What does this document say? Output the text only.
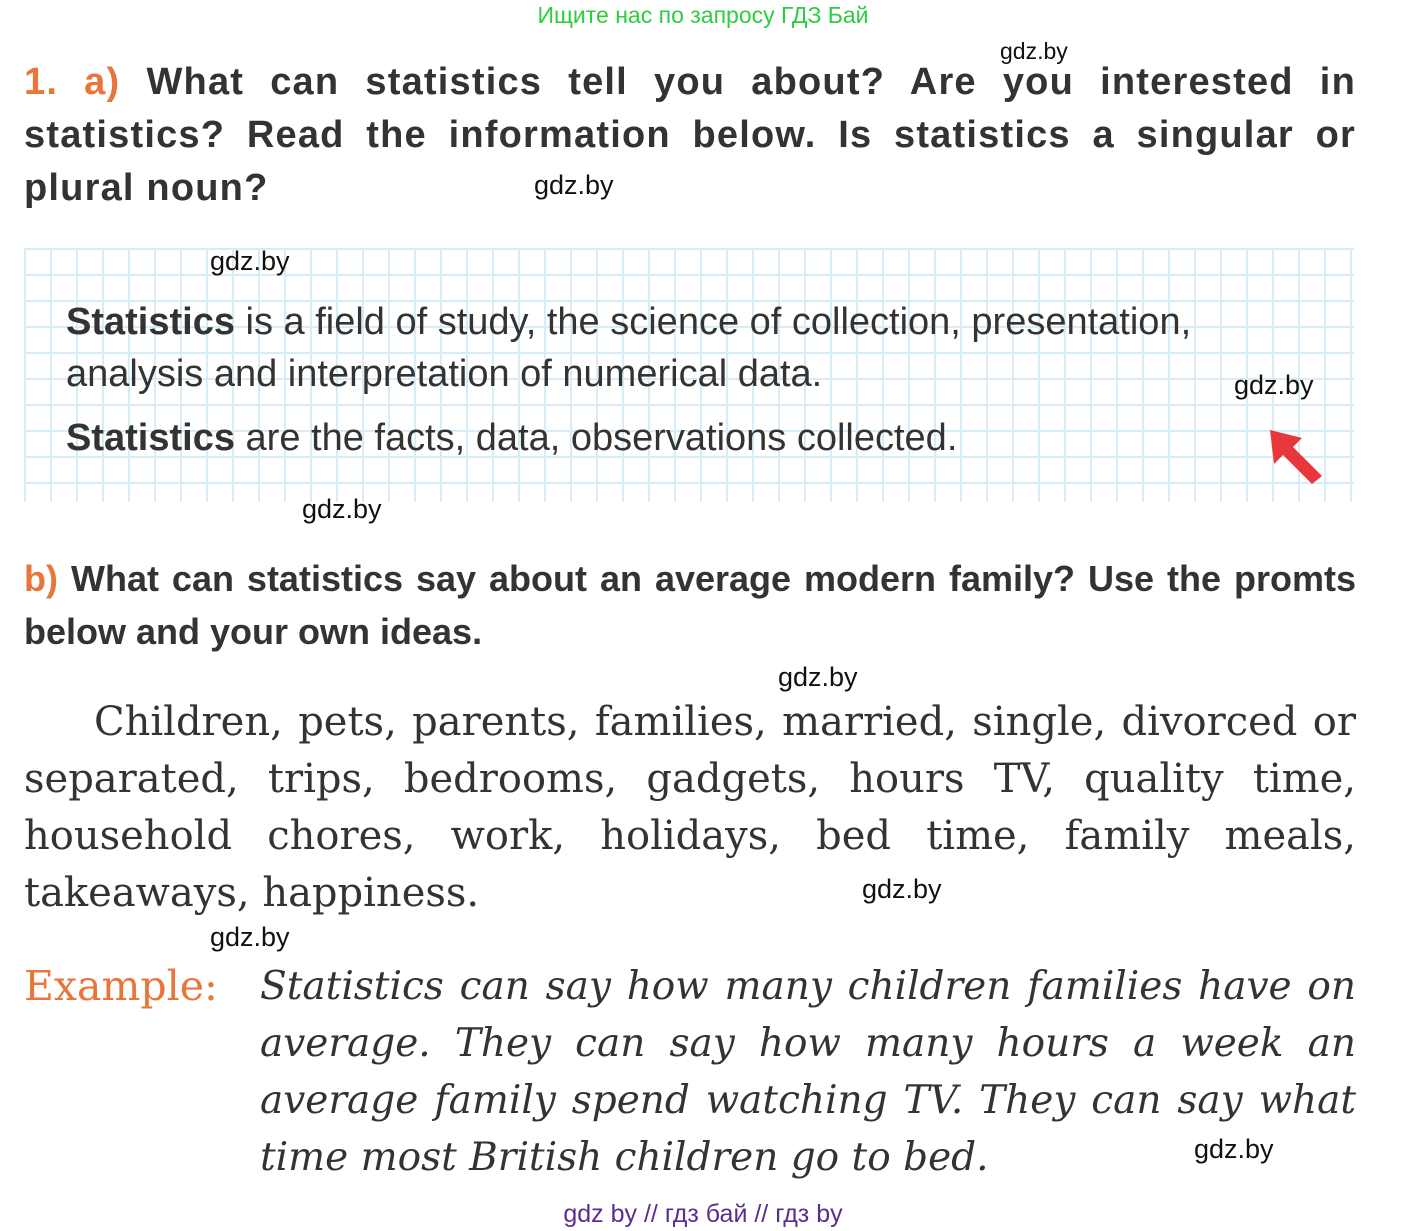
Ищите нас по запросу ГДЗ Бай
1. a) What can statistics tell you about? Are you interested in statistics? Read the information below. Is statistics a singular or plural noun?
Statistics is a field of study, the science of collection, presentation, analysis and interpretation of numerical data.
Statistics are the facts, data, observations collected.
b) What can statistics say about an average modern family? Use the promts below and your own ideas.
Children, pets, parents, families, married, single, divorced or separated, trips, bedrooms, gadgets, hours TV, quality time, household chores, work, holidays, bed time, family meals, takeaways, happiness.
Example: Statistics can say how many children families have on average. They can say how many hours a week an average family spend watching TV. They can say what time most British children go to bed.
gdz.by
gdz.by
gdz.by
gdz.by
gdz.by
gdz.by
gdz.by
gdz.by
gdz.by
gdz by // гдз бай // гдз by
